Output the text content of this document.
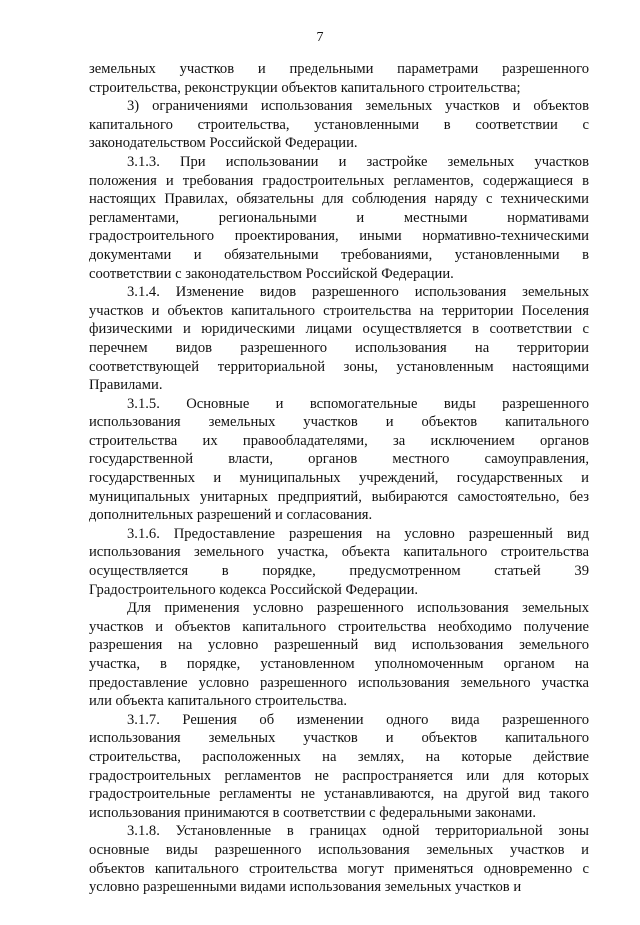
7
земельных участков и предельными параметрами разрешенного
строительства, реконструкции объектов капитального строительства;
3) ограничениями использования земельных участков и объектов
капитального строительства, установленными в соответствии с
законодательством Российской Федерации.
3.1.3. При использовании и застройке земельных участков
положения и требования градостроительных регламентов, содержащиеся в
настоящих Правилах, обязательны для соблюдения наряду с техническими
регламентами, региональными и местными нормативами
градостроительного проектирования, иными нормативно-техническими
документами и обязательными требованиями, установленными в
соответствии с законодательством Российской Федерации.
3.1.4. Изменение видов разрешенного использования земельных
участков и объектов капитального строительства на территории Поселения
физическими и юридическими лицами осуществляется в соответствии с
перечнем видов разрешенного использования на территории
соответствующей территориальной зоны, установленным настоящими
Правилами.
3.1.5. Основные и вспомогательные виды разрешенного
использования земельных участков и объектов капитального
строительства их правообладателями, за исключением органов
государственной власти, органов местного самоуправления,
государственных и муниципальных учреждений, государственных и
муниципальных унитарных предприятий, выбираются самостоятельно, без
дополнительных разрешений и согласования.
3.1.6. Предоставление разрешения на условно разрешенный вид
использования земельного участка, объекта капитального строительства
осуществляется в порядке, предусмотренном статьей 39
Градостроительного кодекса Российской Федерации.
Для применения условно разрешенного использования земельных
участков и объектов капитального строительства необходимо получение
разрешения на условно разрешенный вид использования земельного
участка, в порядке, установленном уполномоченным органом на
предоставление условно разрешенного использования земельного участка
или объекта капитального строительства.
3.1.7. Решения об изменении одного вида разрешенного
использования земельных участков и объектов капитального
строительства, расположенных на землях, на которые действие
градостроительных регламентов не распространяется или для которых
градостроительные регламенты не устанавливаются, на другой вид такого
использования принимаются в соответствии с федеральными законами.
3.1.8. Установленные в границах одной территориальной зоны
основные виды разрешенного использования земельных участков и
объектов капитального строительства могут применяться одновременно с
условно разрешенными видами использования земельных участков и
